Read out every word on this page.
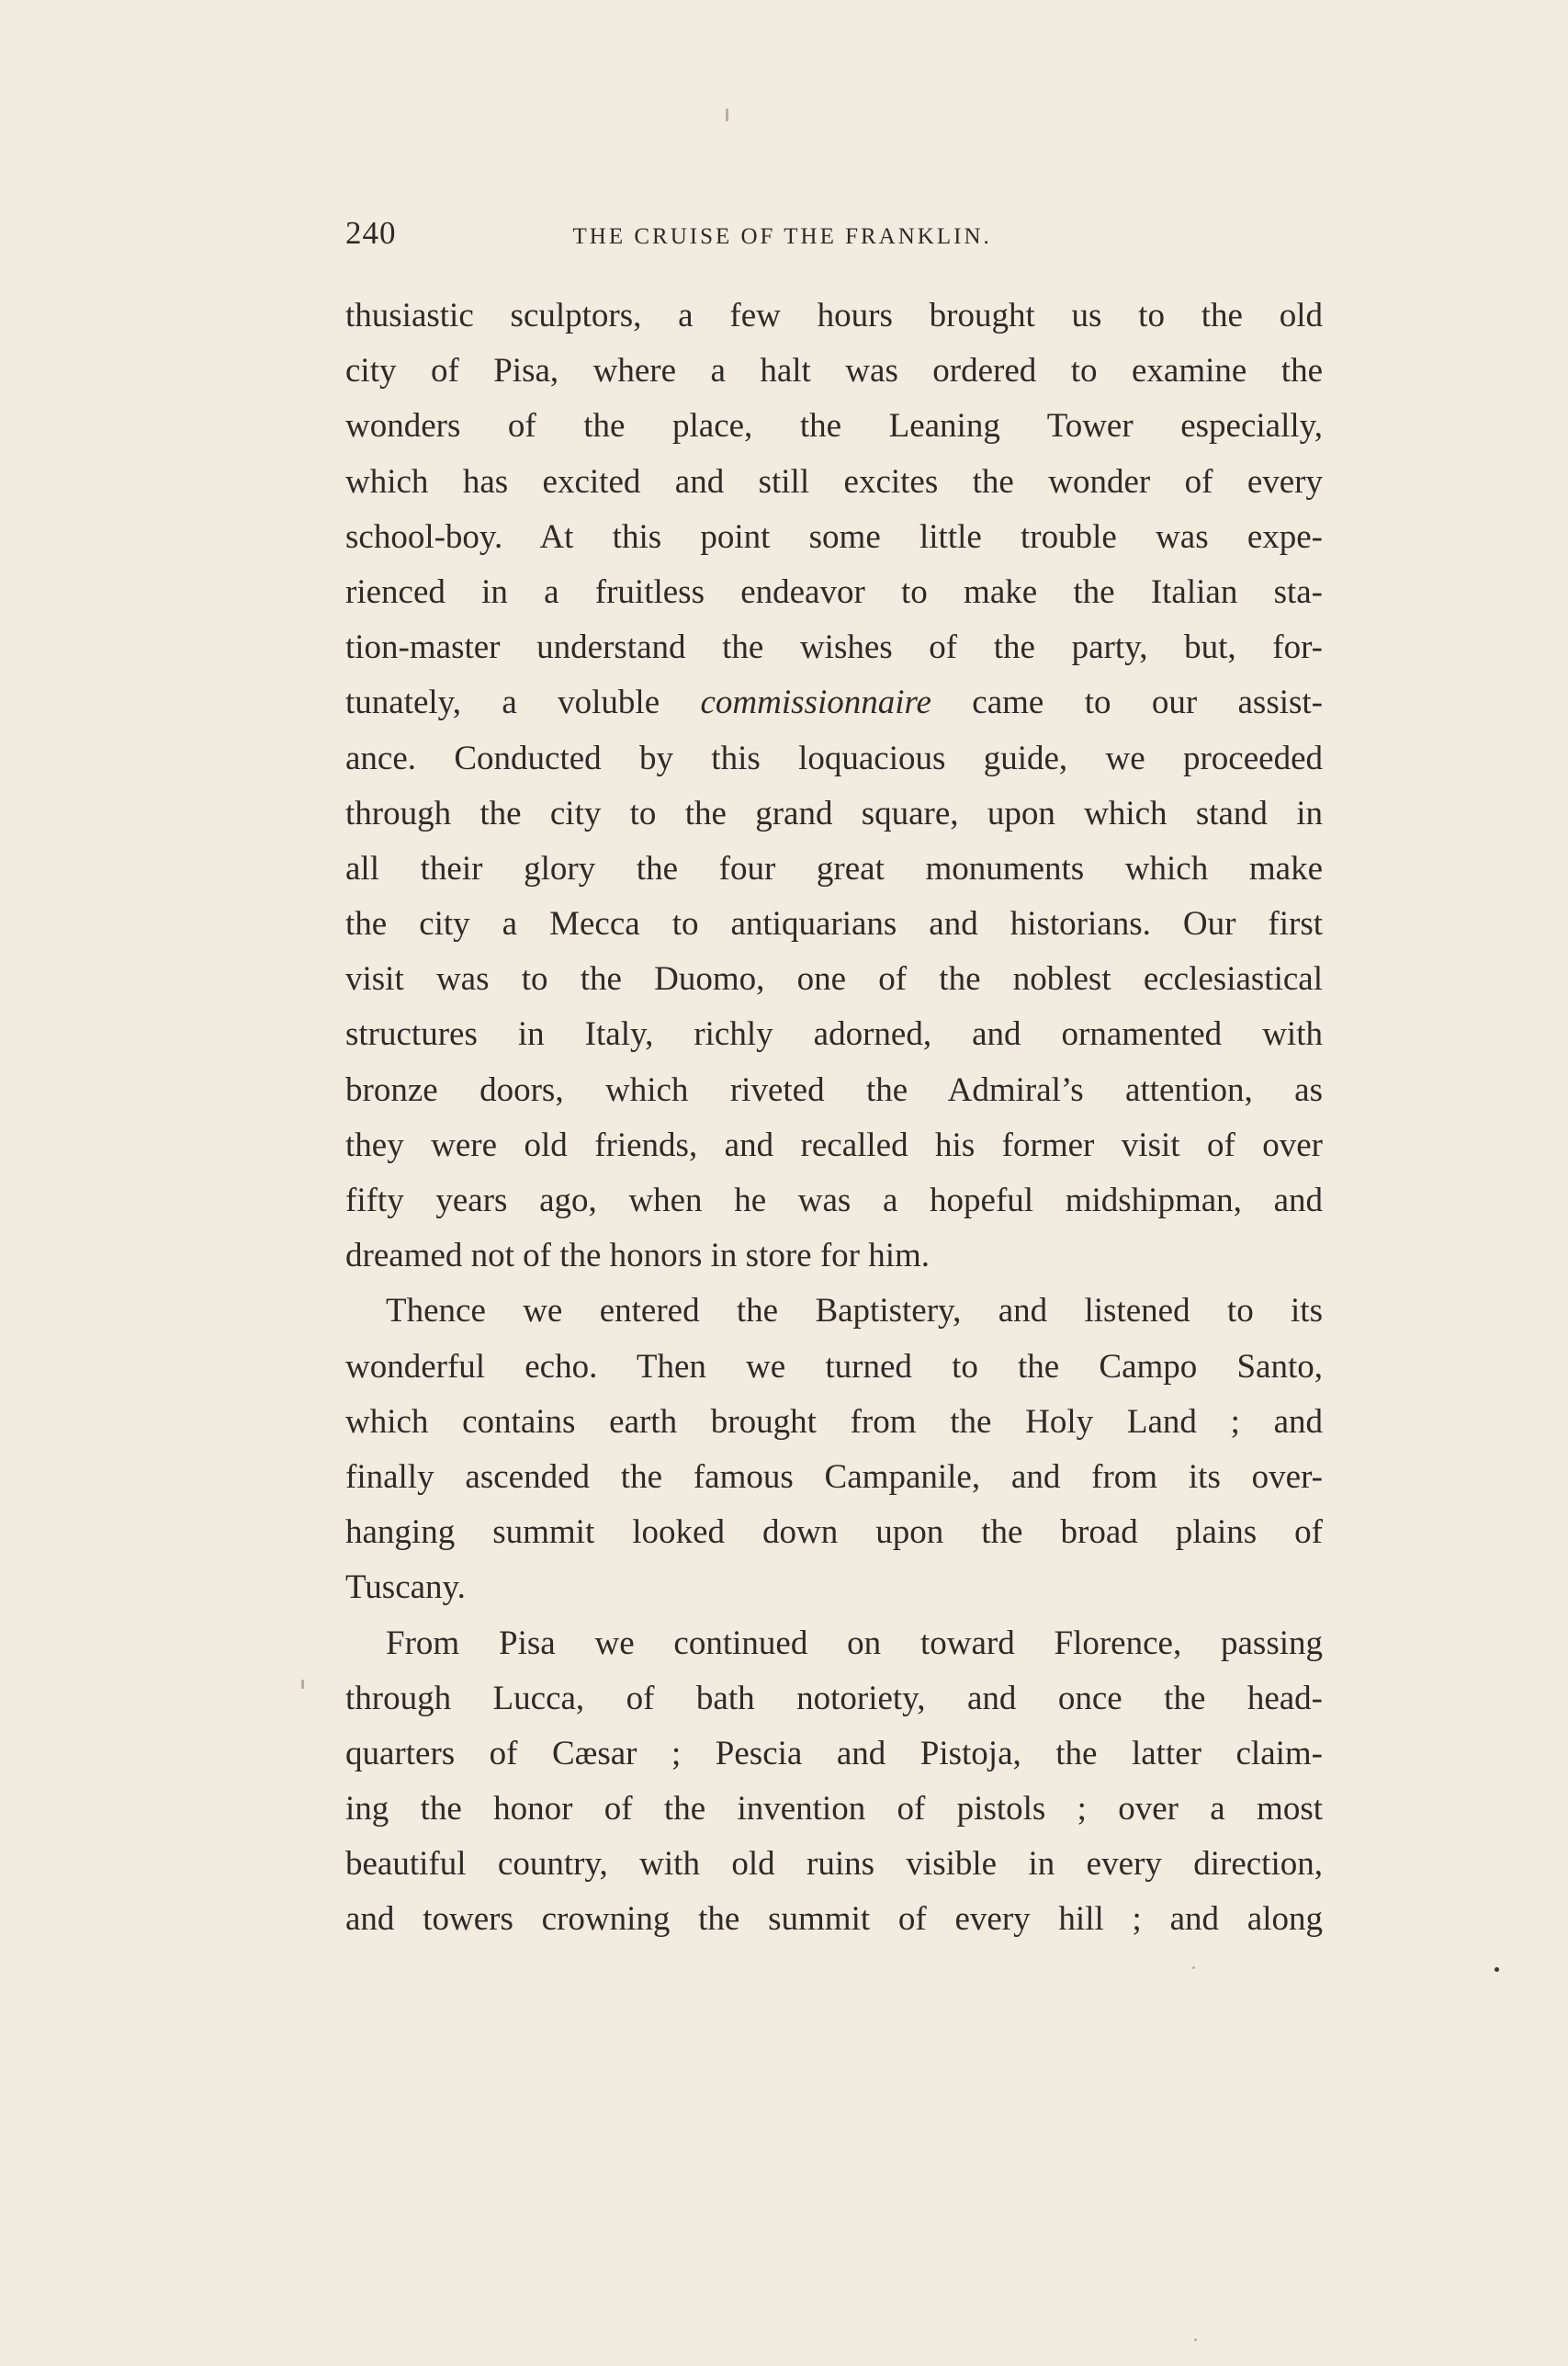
240	THE CRUISE OF THE FRANKLIN.
thusiastic sculptors, a few hours brought us to the old
city of Pisa, where a halt was ordered to examine the
wonders of the place, the Leaning Tower especially,
which has excited and still excites the wonder of every
school-boy. At this point some little trouble was expe-
rienced in a fruitless endeavor to make the Italian sta-
tion-master understand the wishes of the party, but, for-
tunately, a voluble commissionnaire came to our assist-
ance. Conducted by this loquacious guide, we proceeded
through the city to the grand square, upon which stand in
all their glory the four great monuments which make
the city a Mecca to antiquarians and historians. Our first
visit was to the Duomo, one of the noblest ecclesiastical
structures in Italy, richly adorned, and ornamented with
bronze doors, which riveted the Admiral’s attention, as
they were old friends, and recalled his former visit of over
fifty years ago, when he was a hopeful midshipman, and
dreamed not of the honors in store for him.
Thence we entered the Baptistery, and listened to its
wonderful echo. Then we turned to the Campo Santo,
which contains earth brought from the Holy Land ; and
finally ascended the famous Campanile, and from its over-
hanging summit looked down upon the broad plains of
Tuscany.
From Pisa we continued on toward Florence, passing
through Lucca, of bath notoriety, and once the head-
quarters of Cæsar ; Pescia and Pistoja, the latter claim-
ing the honor of the invention of pistols ; over a most
beautiful country, with old ruins visible in every direction,
and towers crowning the summit of every hill ; and along
